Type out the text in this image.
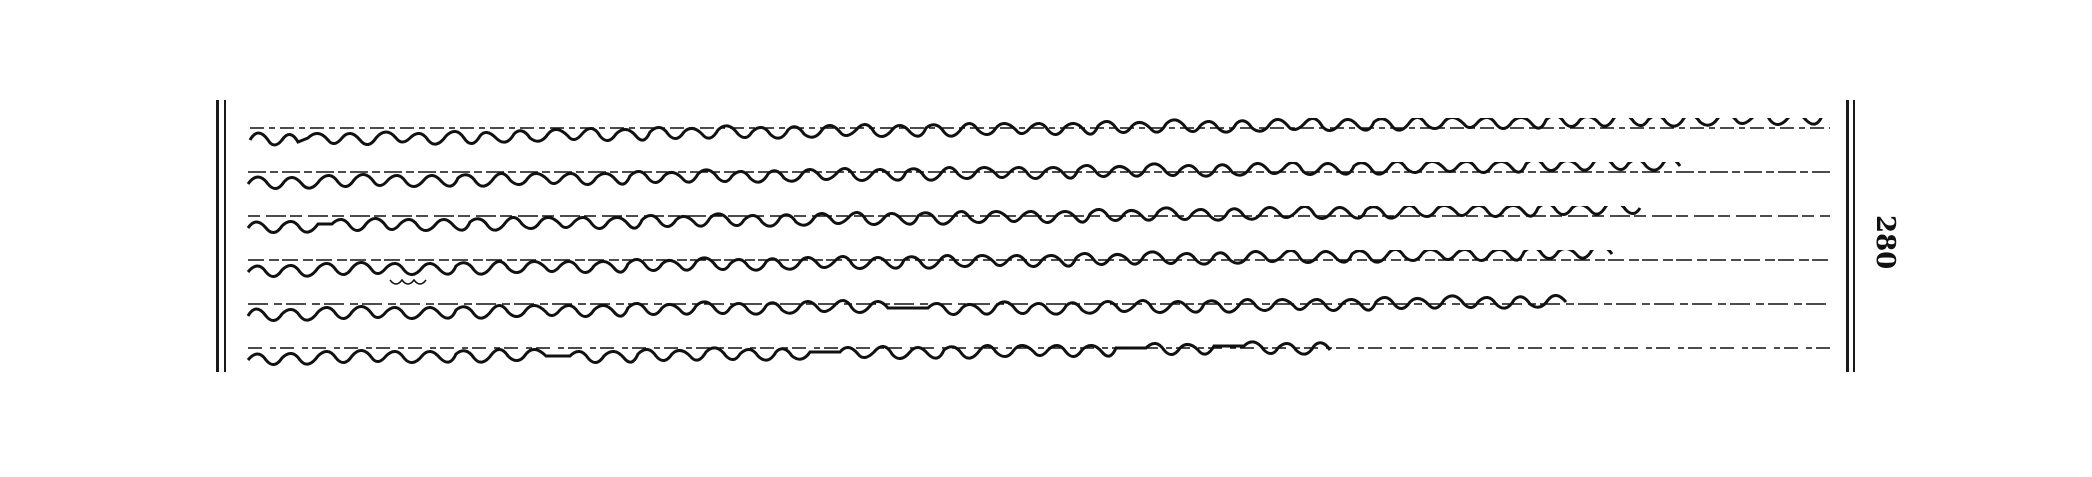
280
